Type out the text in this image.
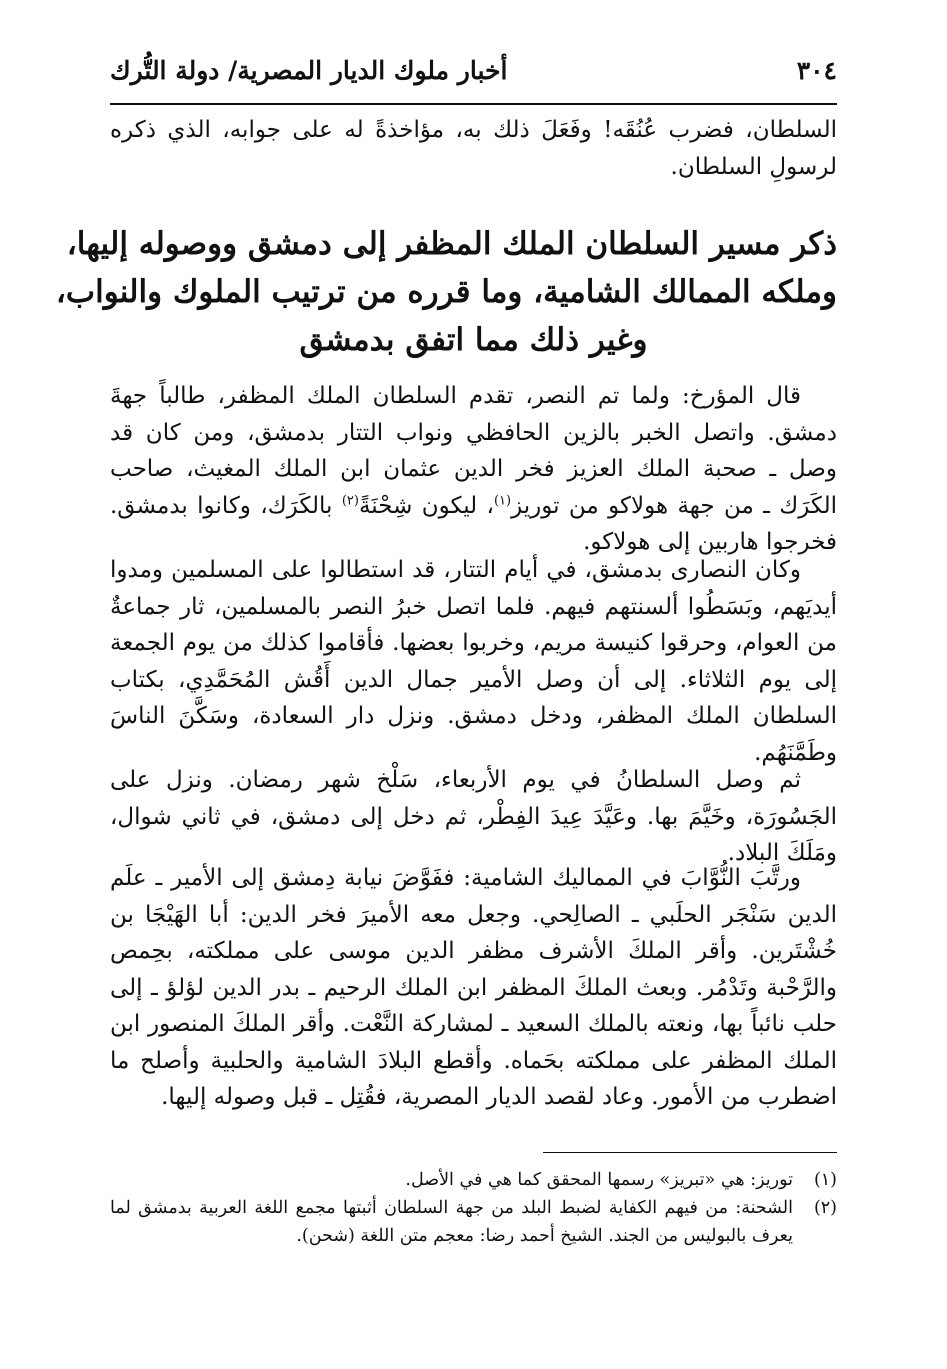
٣٠٤
أخبار ملوك الديار المصرية/ دولة التُّرك

السلطان، فضرب عُنُقَه! وفَعَلَ ذلك به، مؤاخذةً له على جوابه، الذي ذكره لرسولِ السلطان.

ذكر مسير السلطان الملك المظفر إلى دمشق ووصوله إليها،
وملكه الممالك الشامية، وما قرره من ترتيب الملوك والنواب،
وغير ذلك مما اتفق بدمشق

قال المؤرخ: ولما تم النصر، تقدم السلطان الملك المظفر، طالباً جهةَ دمشق. واتصل الخبر بالزين الحافظي ونواب التتار بدمشق، ومن كان قد وصل ـ صحبة الملك العزيز فخر الدين عثمان ابن الملك المغيث، صاحب الكَرَك ـ من جهة هولاكو من توريز$^{(١)}$، ليكون شِحْنَةً$^{(٢)}$ بالكَرَك، وكانوا بدمشق. فخرجوا هاربين إلى هولاكو.

وكان النصارى بدمشق، في أيام التتار، قد استطالوا على المسلمين ومدوا أيديَهم، وبَسَطُوا ألسنتهم فيهم. فلما اتصل خبرُ النصر بالمسلمين، ثار جماعةٌ من العوام، وحرقوا كنيسة مريم، وخربوا بعضها. فأقاموا كذلك من يوم الجمعة إلى يوم الثلاثاء. إلى أن وصل الأمير جمال الدين أَقُش المُحَمَّدِي، بكتاب السلطان الملك المظفر، ودخل دمشق. ونزل دار السعادة، وسَكَّنَ الناسَ وطَمَّنَهُم.

ثم وصل السلطانُ في يوم الأربعاء، سَلْخ شهر رمضان. ونزل على الجَسُورَة، وخَيَّمَ بها. وعَيَّدَ عِيدَ الفِطْر، ثم دخل إلى دمشق، في ثاني شوال، ومَلَكَ البلاد.

ورتَّبَ النُّوَّابَ في المماليك الشامية: ففَوَّضَ نيابة دِمشق إلى الأمير ـ علَم الدين سَنْجَر الحلَبي ـ الصالِحي. وجعل معه الأميرَ فخر الدين: أبا الهَيْجَا بن خُشْتَرين. وأقر الملكَ الأشرف مظفر الدين موسى على مملكته، بحِمص والرَّحْبة وتَدْمُر. وبعث الملكَ المظفر ابن الملك الرحيم ـ بدر الدين لؤلؤ ـ إلى حلب نائباً بها، ونعته بالملك السعيد ـ لمشاركة النَّعْت. وأقر الملكَ المنصور ابن الملك المظفر على مملكته بحَماه. وأقطع البلادَ الشامية والحلبية وأصلح ما اضطرب من الأمور. وعاد لقصد الديار المصرية، فقُتِل ـ قبل وصوله إليها.

(١)
توريز: هي «تبريز» رسمها المحقق كما هي في الأصل.
(٢)
الشحنة: من فيهم الكفاية لضبط البلد من جهة السلطان أثبتها مجمع اللغة العربية بدمشق لما يعرف بالبوليس من الجند. الشيخ أحمد رضا: معجم متن اللغة (شحن).
